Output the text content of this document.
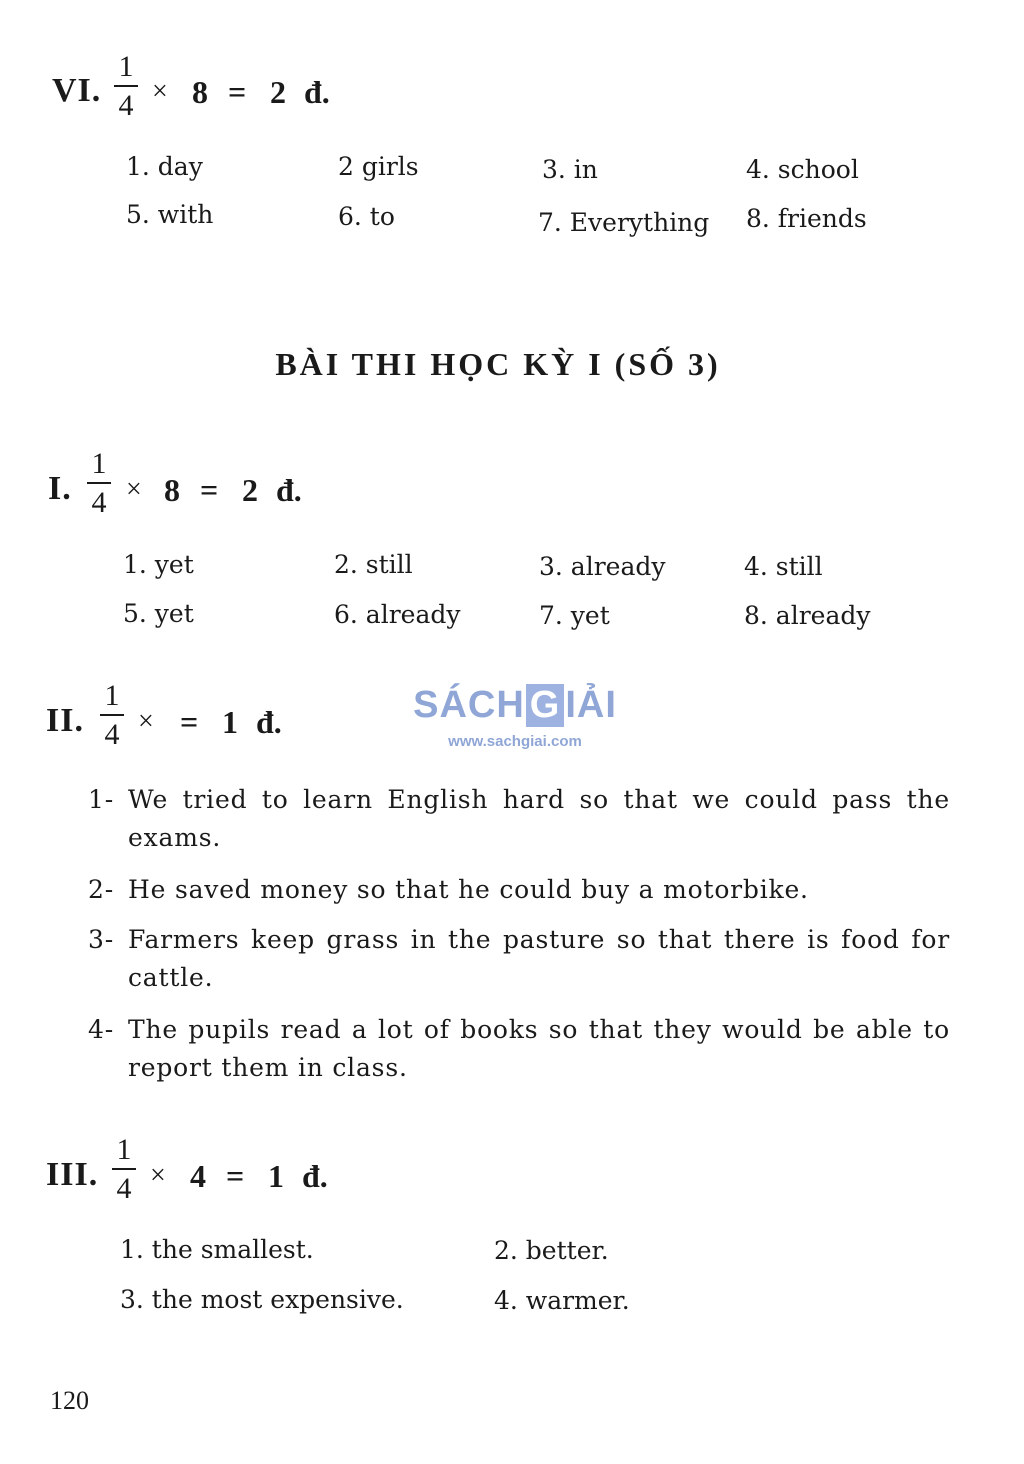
VI.
1
4 × 8 = 2 đ.
1. day	2 girls	3. in	4. school
5. with	6. to	7. Everything 8. friends
BÀI THI HỌC KỲ I (SỐ 3)
I.
1
4 × 8 = 2 đ.
1. yet	2. still	3. already	4. still
5. yet	6. already	7. yet	8. already
SÁCH G IẢI
www.sachgiai.com
II.
1
4 × = 1 đ.
1- We tried to learn English hard so that we could pass the exams.
2- He saved money so that he could buy a motorbike.
3- Farmers keep grass in the pasture so that there is food for cattle.
4- The pupils read a lot of books so that they would be able to report them in class.
III.
1
4 × 4 = 1 đ.
1. the smallest.	2. better.
3. the most expensive.	4. warmer.
120
